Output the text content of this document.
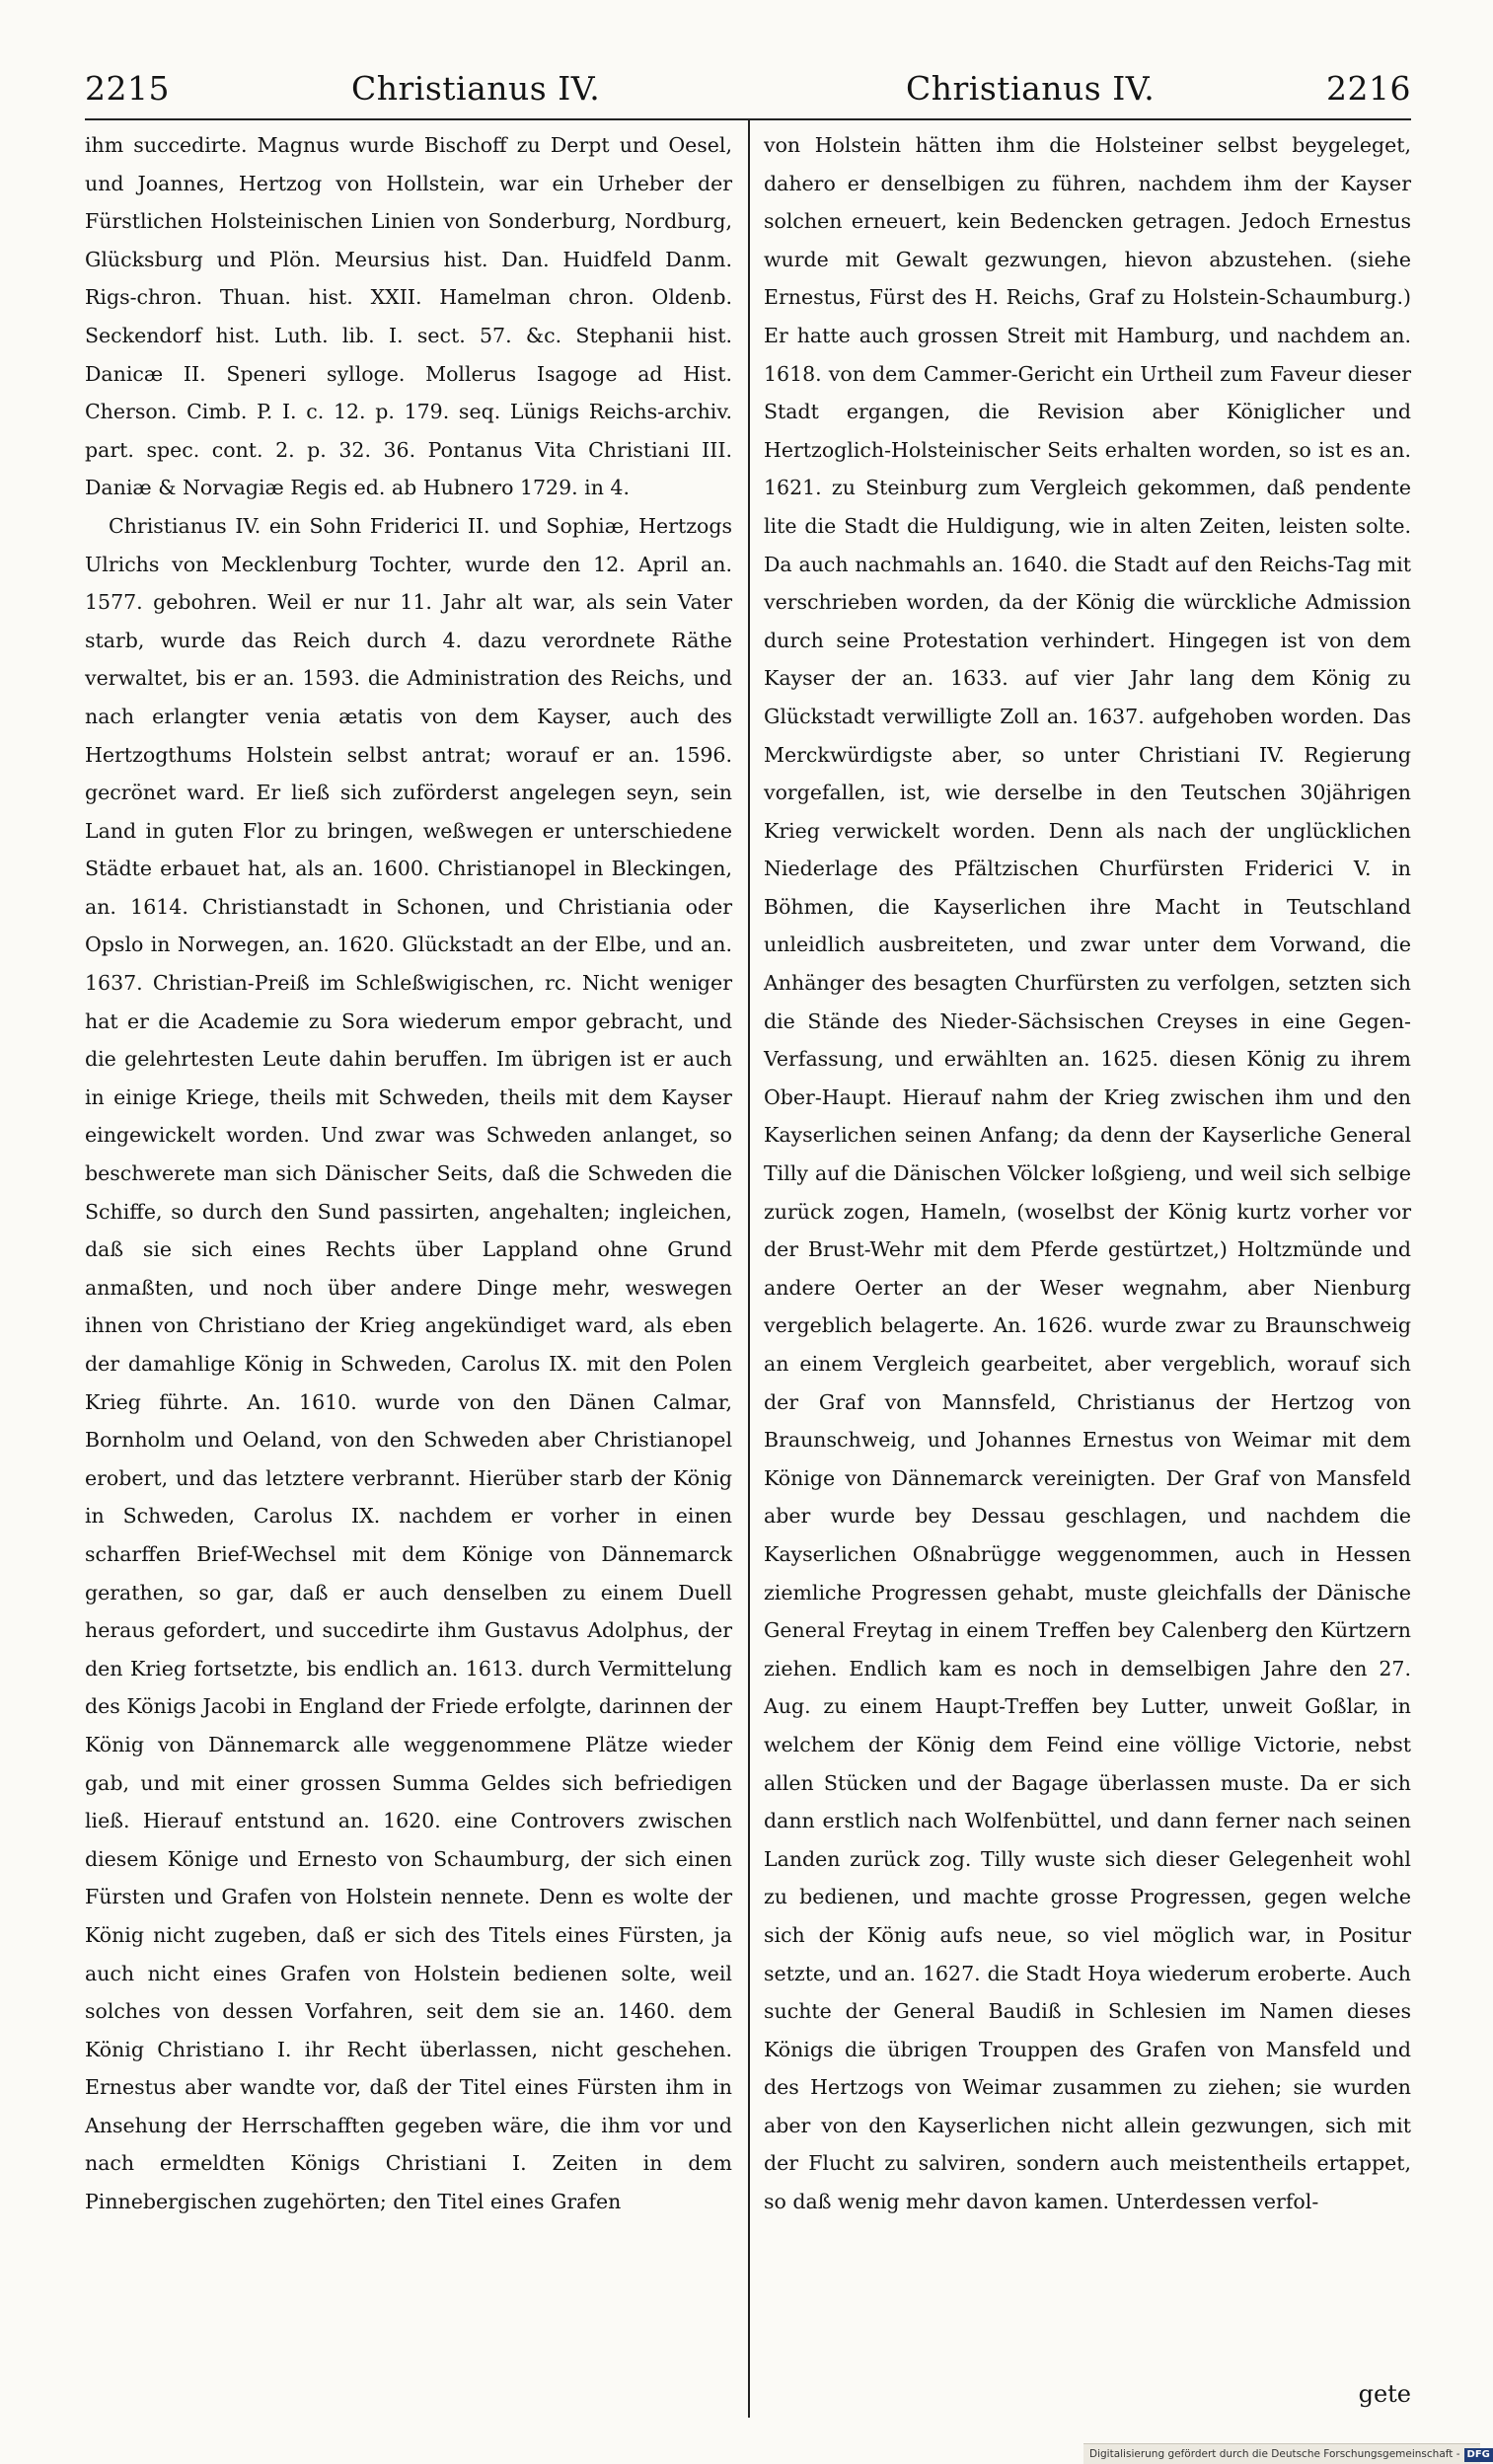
2215	Christianus IV.	Christianus IV.	2216

ihm succedirte. Magnus wurde Bischoff zu Derpt und Oesel, und Joannes, Hertzog von Hollstein, war ein Urheber der Fürstlichen Holsteinischen Linien von Sonderburg, Nordburg, Glücksburg und Plön. Meursius hist. Dan. Huidfeld Danm. Rigs-chron. Thuan. hist. XXII. Hamelman chron. Oldenb. Seckendorf hist. Luth. lib. I. sect. 57. &c. Stephanii hist. Danicæ II. Speneri sylloge. Mollerus Isagoge ad Hist. Cherson. Cimb. P. I. c. 12. p. 179. seq. Lünigs Reichs-archiv. part. spec. cont. 2. p. 32. 36. Pontanus Vita Christiani III. Daniæ & Norvagiæ Regis ed. ab Hubnero 1729. in 4.

Christianus IV. ein Sohn Friderici II. und Sophiæ, Hertzogs Ulrichs von Mecklenburg Tochter, wurde den 12. April an. 1577. gebohren. Weil er nur 11. Jahr alt war, als sein Vater starb, wurde das Reich durch 4. dazu verordnete Räthe verwaltet, bis er an. 1593. die Administration des Reichs, und nach erlangter venia ætatis von dem Kayser, auch des Hertzogthums Holstein selbst antrat; worauf er an. 1596. gecrönet ward. Er ließ sich zuförderst angelegen seyn, sein Land in guten Flor zu bringen, weßwegen er unterschiedene Städte erbauet hat, als an. 1600. Christianopel in Bleckingen, an. 1614. Christianstadt in Schonen, und Christiania oder Opslo in Norwegen, an. 1620. Glückstadt an der Elbe, und an. 1637. Christian-Preiß im Schleßwigischen, rc. Nicht weniger hat er die Academie zu Sora wiederum empor gebracht, und die gelehrtesten Leute dahin beruffen. Im übrigen ist er auch in einige Kriege, theils mit Schweden, theils mit dem Kayser eingewickelt worden. Und zwar was Schweden anlanget, so beschwerete man sich Dänischer Seits, daß die Schweden die Schiffe, so durch den Sund passirten, angehalten; ingleichen, daß sie sich eines Rechts über Lappland ohne Grund anmaßten, und noch über andere Dinge mehr, weswegen ihnen von Christiano der Krieg angekündiget ward, als eben der damahlige König in Schweden, Carolus IX. mit den Polen Krieg führte. An. 1610. wurde von den Dänen Calmar, Bornholm und Oeland, von den Schweden aber Christianopel erobert, und das letztere verbrannt. Hierüber starb der König in Schweden, Carolus IX. nachdem er vorher in einen scharffen Brief-Wechsel mit dem Könige von Dännemarck gerathen, so gar, daß er auch denselben zu einem Duell heraus gefordert, und succedirte ihm Gustavus Adolphus, der den Krieg fortsetzte, bis endlich an. 1613. durch Vermittelung des Königs Jacobi in England der Friede erfolgte, darinnen der König von Dännemarck alle weggenommene Plätze wieder gab, und mit einer grossen Summa Geldes sich befriedigen ließ. Hierauf entstund an. 1620. eine Controvers zwischen diesem Könige und Ernesto von Schaumburg, der sich einen Fürsten und Grafen von Holstein nennete. Denn es wolte der König nicht zugeben, daß er sich des Titels eines Fürsten, ja auch nicht eines Grafen von Holstein bedienen solte, weil solches von dessen Vorfahren, seit dem sie an. 1460. dem König Christiano I. ihr Recht überlassen, nicht geschehen. Ernestus aber wandte vor, daß der Titel eines Fürsten ihm in Ansehung der Herrschafften gegeben wäre, die ihm vor und nach ermeldten Königs Christiani I. Zeiten in dem Pinnebergischen zugehörten; den Titel eines Grafen

von Holstein hätten ihm die Holsteiner selbst beygeleget, dahero er denselbigen zu führen, nachdem ihm der Kayser solchen erneuert, kein Bedencken getragen. Jedoch Ernestus wurde mit Gewalt gezwungen, hievon abzustehen. (siehe Ernestus, Fürst des H. Reichs, Graf zu Holstein-Schaumburg.) Er hatte auch grossen Streit mit Hamburg, und nachdem an. 1618. von dem Cammer-Gericht ein Urtheil zum Faveur dieser Stadt ergangen, die Revision aber Königlicher und Hertzoglich-Holsteinischer Seits erhalten worden, so ist es an. 1621. zu Steinburg zum Vergleich gekommen, daß pendente lite die Stadt die Huldigung, wie in alten Zeiten, leisten solte. Da auch nachmahls an. 1640. die Stadt auf den Reichs-Tag mit verschrieben worden, da der König die würckliche Admission durch seine Protestation verhindert. Hingegen ist von dem Kayser der an. 1633. auf vier Jahr lang dem König zu Glückstadt verwilligte Zoll an. 1637. aufgehoben worden. Das Merckwürdigste aber, so unter Christiani IV. Regierung vorgefallen, ist, wie derselbe in den Teutschen 30jährigen Krieg verwickelt worden. Denn als nach der unglücklichen Niederlage des Pfältzischen Churfürsten Friderici V. in Böhmen, die Kayserlichen ihre Macht in Teutschland unleidlich ausbreiteten, und zwar unter dem Vorwand, die Anhänger des besagten Churfürsten zu verfolgen, setzten sich die Stände des Nieder-Sächsischen Creyses in eine Gegen-Verfassung, und erwählten an. 1625. diesen König zu ihrem Ober-Haupt. Hierauf nahm der Krieg zwischen ihm und den Kayserlichen seinen Anfang; da denn der Kayserliche General Tilly auf die Dänischen Völcker loßgieng, und weil sich selbige zurück zogen, Hameln, (woselbst der König kurtz vorher vor der Brust-Wehr mit dem Pferde gestürtzet,) Holtzmünde und andere Oerter an der Weser wegnahm, aber Nienburg vergeblich belagerte. An. 1626. wurde zwar zu Braunschweig an einem Vergleich gearbeitet, aber vergeblich, worauf sich der Graf von Mannsfeld, Christianus der Hertzog von Braunschweig, und Johannes Ernestus von Weimar mit dem Könige von Dännemarck vereinigten. Der Graf von Mansfeld aber wurde bey Dessau geschlagen, und nachdem die Kayserlichen Oßnabrügge weggenommen, auch in Hessen ziemliche Progressen gehabt, muste gleichfalls der Dänische General Freytag in einem Treffen bey Calenberg den Kürtzern ziehen. Endlich kam es noch in demselbigen Jahre den 27. Aug. zu einem Haupt-Treffen bey Lutter, unweit Goßlar, in welchem der König dem Feind eine völlige Victorie, nebst allen Stücken und der Bagage überlassen muste. Da er sich dann erstlich nach Wolfenbüttel, und dann ferner nach seinen Landen zurück zog. Tilly wuste sich dieser Gelegenheit wohl zu bedienen, und machte grosse Progressen, gegen welche sich der König aufs neue, so viel möglich war, in Positur setzte, und an. 1627. die Stadt Hoya wiederum eroberte. Auch suchte der General Baudiß in Schlesien im Namen dieses Königs die übrigen Trouppen des Grafen von Mansfeld und des Hertzogs von Weimar zusammen zu ziehen; sie wurden aber von den Kayserlichen nicht allein gezwungen, sich mit der Flucht zu salviren, sondern auch meistentheils ertappet, so daß wenig mehr davon kamen. Unterdessen verfol-

gete
Digitalisierung gefördert durch die Deutsche Forschungsgemeinschaft - DFG
